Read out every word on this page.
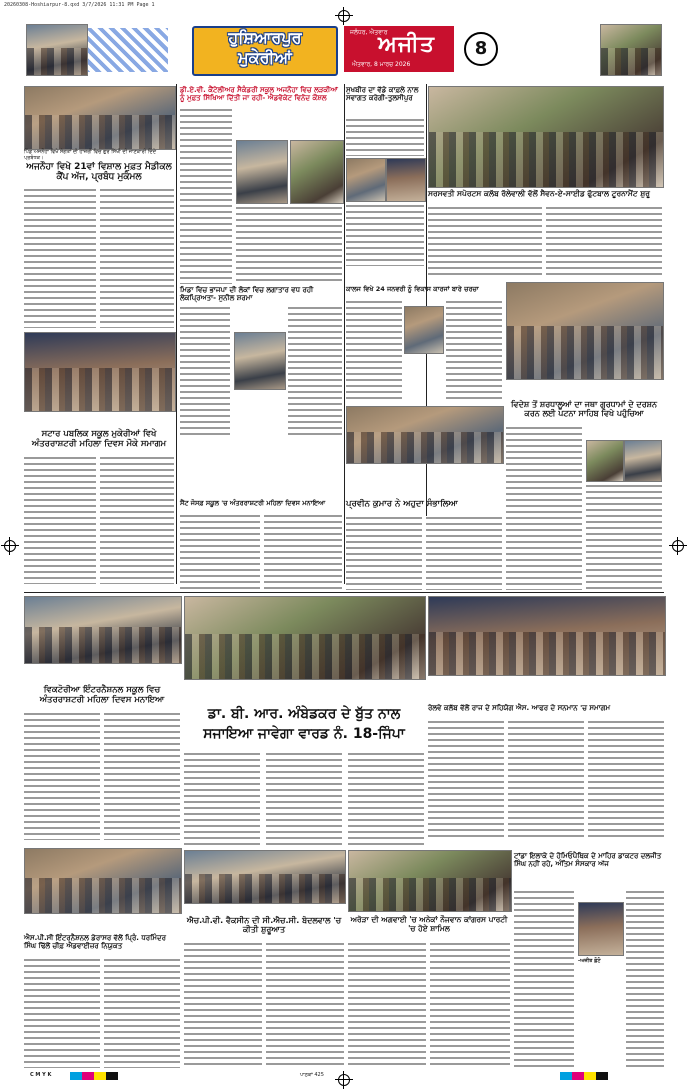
20260308-Hoshiarpur-8.qxd 3/7/2026 11:31 PM Page 1
ਹੁਸ਼ਿਆਰਪੁਰ
ਮੁਕੇਰੀਆਂ
ਜਲੰਧਰ, ਐਤਵਾਰ
ਅਜੀਤ
ਐਤਵਾਰ, 8 ਮਾਰਚ 2026
8
ਪਿੰਡ ਅਜਨੌਹਾ ਵਿਖੇ ਸੰਗਤਾਂ ਦੀ ਹਾਜ਼ਰੀ ਵਿਚ ਗੁਰ ਸਿੱਖੀ ਦੀ ਜਾਣਕਾਰੀ ਦਿੰਦੇ ਪ੍ਰਬੰਧਕ।
ਅਜਨੌਹਾ ਵਿਖੇ 21ਵਾਂ ਵਿਸ਼ਾਲ ਮੁਫ਼ਤ ਮੈਡੀਕਲ ਕੈਂਪ ਅੱਜ, ਪ੍ਰਬੰਧ ਮੁਕੰਮਲ
ਡੀ.ਏ.ਵੀ. ਕੈਂਟੇਲੀਅਰ ਸੈਕੰਡਰੀ ਸਕੂਲ ਅਜਨੌਹਾ ਵਿਚ ਲੜਕੀਆਂ ਨੂੰ ਮੁਫ਼ਤ ਸਿੱਖਿਆ ਦਿੱਤੀ ਜਾ ਰਹੀ- ਐਡਵੋਕੇਟ ਵਿਨੋਦ ਕੌਸ਼ਲ
ਸੁਖਬੀਰ ਦਾ ਵੱਡੇ ਕਾਫ਼ਲੇ ਨਾਲ ਸਵਾਗਤ ਕਰੇਗੀ-ਤੁਲਸੀਪੁਰ
ਸਰਸਵਤੀ ਸਪੋਰਟਸ ਕਲੱਬ ਰੱਲੇਵਾਲੀ ਵੱਲੋਂ ਸੈਵਨ-ਏ-ਸਾਈਡ ਫੁੱਟਬਾਲ ਟੂਰਨਾਮੈਂਟ ਸ਼ੁਰੂ
ਮਿਡਾ ਵਿਚ ਭਾਜਪਾ ਦੀ ਲੋਕਾਂ ਵਿਚ ਲਗਾਤਾਰ ਵਧ ਰਹੀ ਲੋਕਪ੍ਰਿਅਤਾ- ਸੁਨੀਲ ਸ਼ਰਮਾ
ਕਾਲਜ ਵਿਖੇ 24 ਜਨਵਰੀ ਨੂੰ ਵਿਕਾਸ ਕਾਰਜਾਂ ਬਾਰੇ ਚਰਚਾ
ਸਟਾਰ ਪਬਲਿਕ ਸਕੂਲ ਮੁਕੇਰੀਆਂ ਵਿਖੇ ਅੰਤਰਰਾਸ਼ਟਰੀ ਮਹਿਲਾ ਦਿਵਸ ਮੌਕੇ ਸਮਾਗਮ
ਵਿਦੇਸ਼ ਤੋਂ ਸ਼ਰਧਾਲੂਆਂ ਦਾ ਜਥਾ ਗੁਰਧਾਮਾਂ ਦੇ ਦਰਸ਼ਨ ਕਰਨ ਲਈ ਪਟਨਾ ਸਾਹਿਬ ਵਿਖੇ ਪਹੁੰਚਿਆ
ਪ੍ਰਵੀਨ ਕੁਮਾਰ ਨੇ ਅਹੁਦਾ ਸੰਭਾਲਿਆ
ਸੈਂਟ ਜੋਸਫ਼ ਸਕੂਲ 'ਚ ਅੰਤਰਰਾਸ਼ਟਰੀ ਮਹਿਲਾ ਦਿਵਸ ਮਨਾਇਆ
ਵਿਕਟੋਰੀਆ ਇੰਟਰਨੈਸ਼ਨਲ ਸਕੂਲ ਵਿਚ ਅੰਤਰਰਾਸ਼ਟਰੀ ਮਹਿਲਾ ਦਿਵਸ ਮਨਾਇਆ
ਡਾ. ਬੀ. ਆਰ. ਅੰਬੇਡਕਰ ਦੇ ਬੁੱਤ ਨਾਲ
ਸਜਾਇਆ ਜਾਵੇਗਾ ਵਾਰਡ ਨੰ. 18-ਜਿੰਪਾ
ਰੇਲਵੇ ਕਲੱਬ ਵੱਲੋਂ ਰਾਜ ਦੇ ਸਹਿਯੋਗ ਐਸ. ਆਫਰ ਦੇ ਸਨਮਾਨ 'ਚ ਸਮਾਗਮ
ਐਸ.ਪੀ.ਸੀ ਇੰਟਰਨੈਸ਼ਨਲ ਡੇਰਾਸਰ ਵੱਲੋਂ ਪ੍ਰਿੰ. ਧਰਮਿੰਦਰ ਸਿੰਘ ਢਿੱਲੋਂ ਚੀਫ਼ ਐਡਵਾਈਜ਼ਰ ਨਿਯੁਕਤ
ਐਚ.ਪੀ.ਵੀ. ਵੈਕਸੀਨ ਦੀ ਸੀ.ਐਚ.ਸੀ. ਬੋਦਲਵਾਲ 'ਚ ਕੀਤੀ ਸ਼ੁਰੂਆਤ
ਅਰੋੜਾ ਦੀ ਅਗਵਾਈ 'ਚ ਅਨੇਕਾਂ ਨੌਜਵਾਨ ਕਾਂਗਰਸ ਪਾਰਟੀ 'ਚ ਹੋਏ ਸ਼ਾਮਿਲ
ਟਾਂਡਾ ਇਲਾਕੇ ਦੇ ਹੋਮਿਓਪੈਥਿਕ ਦੇ ਮਾਹਿਰ ਡਾਕਟਰ ਦਲਜੀਤ ਸਿੰਘ ਨਹੀਂ ਰਹੇ, ਅੰਤਿਮ ਸੰਸਕਾਰ ਅੱਜ
-ਅਜੀਤ ਫ਼ੋਟੋ
C M Y K	ਪਾਠਕਾਂ 425
